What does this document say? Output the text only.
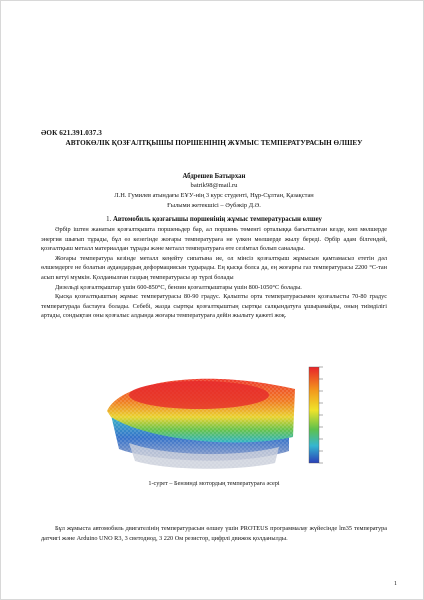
ӘОК 621.391.037.3
АВТОКӨЛІК ҚОЗҒАЛТҚЫШЫ ПОРШЕНІНІҢ ЖҰМЫС ТЕМПЕРАТУРАСЫН ӨЛШЕУ
Абдрешев Батырхан
batrik98@mail.ru
Л.Н. Гумилев атындағы ЕҰУ-нің 3 курс студенті, Нұр-Сұлтан, Қазақстан
Ғылыми жетекшісі – Әубәкір Д.Ә.
1. Автомобиль қозғағышы поршенінің жұмыс температурасын өлшеу

Әрбір іштен жанатын қозғалтқышта поршеньдер бар, ал поршень төменгі орталыққа бағытталған кезде, көп мөлшерде энергия шығып тұрады, бұл өз кезегінде жоғары температураға не үлкен мөлшерде жылу береді. Әрбір адам білгендей, қозғалтқыш металл материалдан тұрады және металл температураға өте сезімтал болып саналады.

Жоғары температура кезінде металл кеңейту сипатына ие, ол мінсіз қозғалтқыш жұмысын қамтамасыз ететін дәл өлшемдерге не болатын аудандардың деформациясын тудырады. Ең қысқа болса да, ең жоғарғы газ температурасы 2200 °С-тан асып кетуі мүмкін. Қолданылған газдың температурасы әр түрлі болады

Дизельді қозғалтқыштар үшін 600-850°С, бензин қозғалтқыштары үшін 800-1050°С болады.

Қысқа қозғалтқыштың жұмыс температурасы 80-90 градус. Қалыпты орта температурасымен қозғалысты 70-80 градус температурада бастауға болады. Себебі, жазда сыртқы қозғалтқыштың сыртқы салқындатуға ұшырамайды, оның тиімділігі артады, сондықтан оны қозғалыс алдында жоғары температураға дейін жылыту қажеті жоқ.

1-сурет – Бензинді мотордың температураға әсері

Бұл жұмыста автомобиль двигателінің температурасын өлшеу үшін PROTEUS программалау жүйесінде lm35 температура датчигі және Arduino UNO R3, 3 светодиод, 3 220 Ом резистор, цифрлі движок қолданылды.

1
